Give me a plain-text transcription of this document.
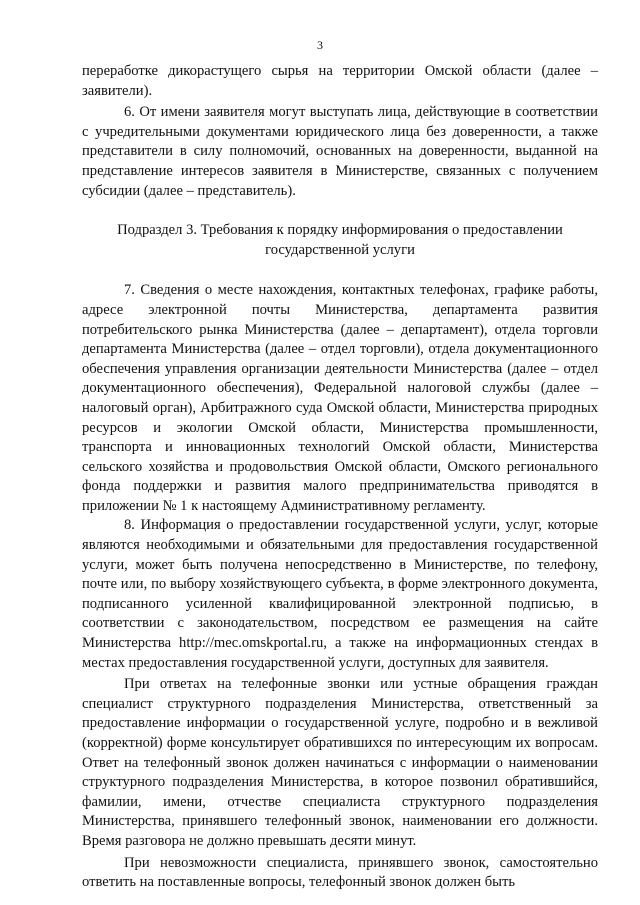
3

переработке дикорастущего сырья на территории Омской области (далее – заявители).

6. От имени заявителя могут выступать лица, действующие в соответствии с учредительными документами юридического лица без доверенности, а также представители в силу полномочий, основанных на доверенности, выданной на представление интересов заявителя в Министерстве, связанных с получением субсидии (далее – представитель).

Подраздел 3. Требования к порядку информирования о предоставлении государственной услуги

7. Сведения о месте нахождения, контактных телефонах, графике работы, адресе электронной почты Министерства, департамента развития потребительского рынка Министерства (далее – департамент), отдела торговли департамента Министерства (далее – отдел торговли), отдела документационного обеспечения управления организации деятельности Министерства (далее – отдел документационного обеспечения), Федеральной налоговой службы (далее – налоговый орган), Арбитражного суда Омской области, Министерства природных ресурсов и экологии Омской области, Министерства промышленности, транспорта и инновационных технологий Омской области, Министерства сельского хозяйства и продовольствия Омской области, Омского регионального фонда поддержки и развития малого предпринимательства приводятся в приложении № 1 к настоящему Административному регламенту.

8. Информация о предоставлении государственной услуги, услуг, которые являются необходимыми и обязательными для предоставления государственной услуги, может быть получена непосредственно в Министерстве, по телефону, почте или, по выбору хозяйствующего субъекта, в форме электронного документа, подписанного усиленной квалифицированной электронной подписью, в соответствии с законодательством, посредством ее размещения на сайте Министерства http://mec.omskportal.ru, а также на информационных стендах в местах предоставления государственной услуги, доступных для заявителя.

При ответах на телефонные звонки или устные обращения граждан специалист структурного подразделения Министерства, ответственный за предоставление информации о государственной услуге, подробно и в вежливой (корректной) форме консультирует обратившихся по интересующим их вопросам. Ответ на телефонный звонок должен начинаться с информации о наименовании структурного подразделения Министерства, в которое позвонил обратившийся, фамилии, имени, отчестве специалиста структурного подразделения Министерства, принявшего телефонный звонок, наименовании его должности. Время разговора не должно превышать десяти минут.

При невозможности специалиста, принявшего звонок, самостоятельно ответить на поставленные вопросы, телефонный звонок должен быть
